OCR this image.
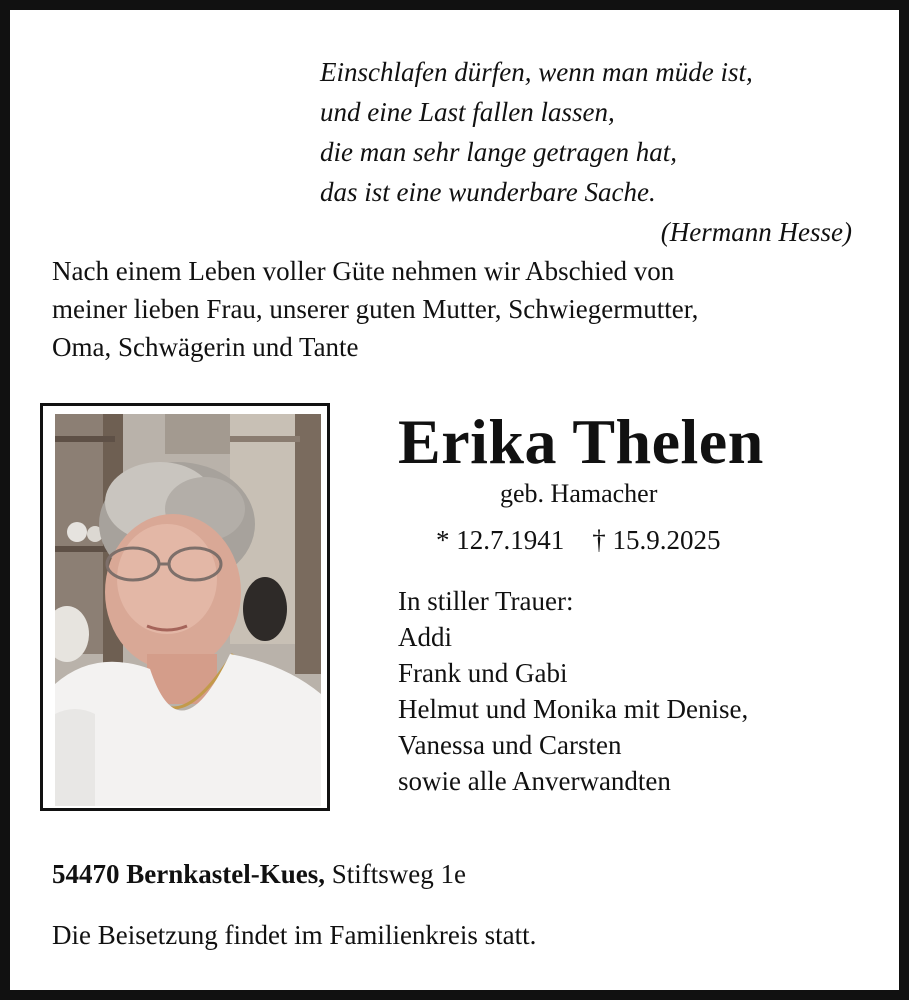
Einschlafen dürfen, wenn man müde ist,
und eine Last fallen lassen,
die man sehr lange getragen hat,
das ist eine wunderbare Sache.
(Hermann Hesse)
Nach einem Leben voller Güte nehmen wir Abschied von
meiner lieben Frau, unserer guten Mutter, Schwiegermutter,
Oma, Schwägerin und Tante
Erika Thelen
geb. Hamacher
* 12.7.1941 † 15.9.2025
In stiller Trauer:
Addi
Frank und Gabi
Helmut und Monika mit Denise,
Vanessa und Carsten
sowie alle Anverwandten
54470 Bernkastel-Kues, Stiftsweg 1e
Die Beisetzung findet im Familienkreis statt.
